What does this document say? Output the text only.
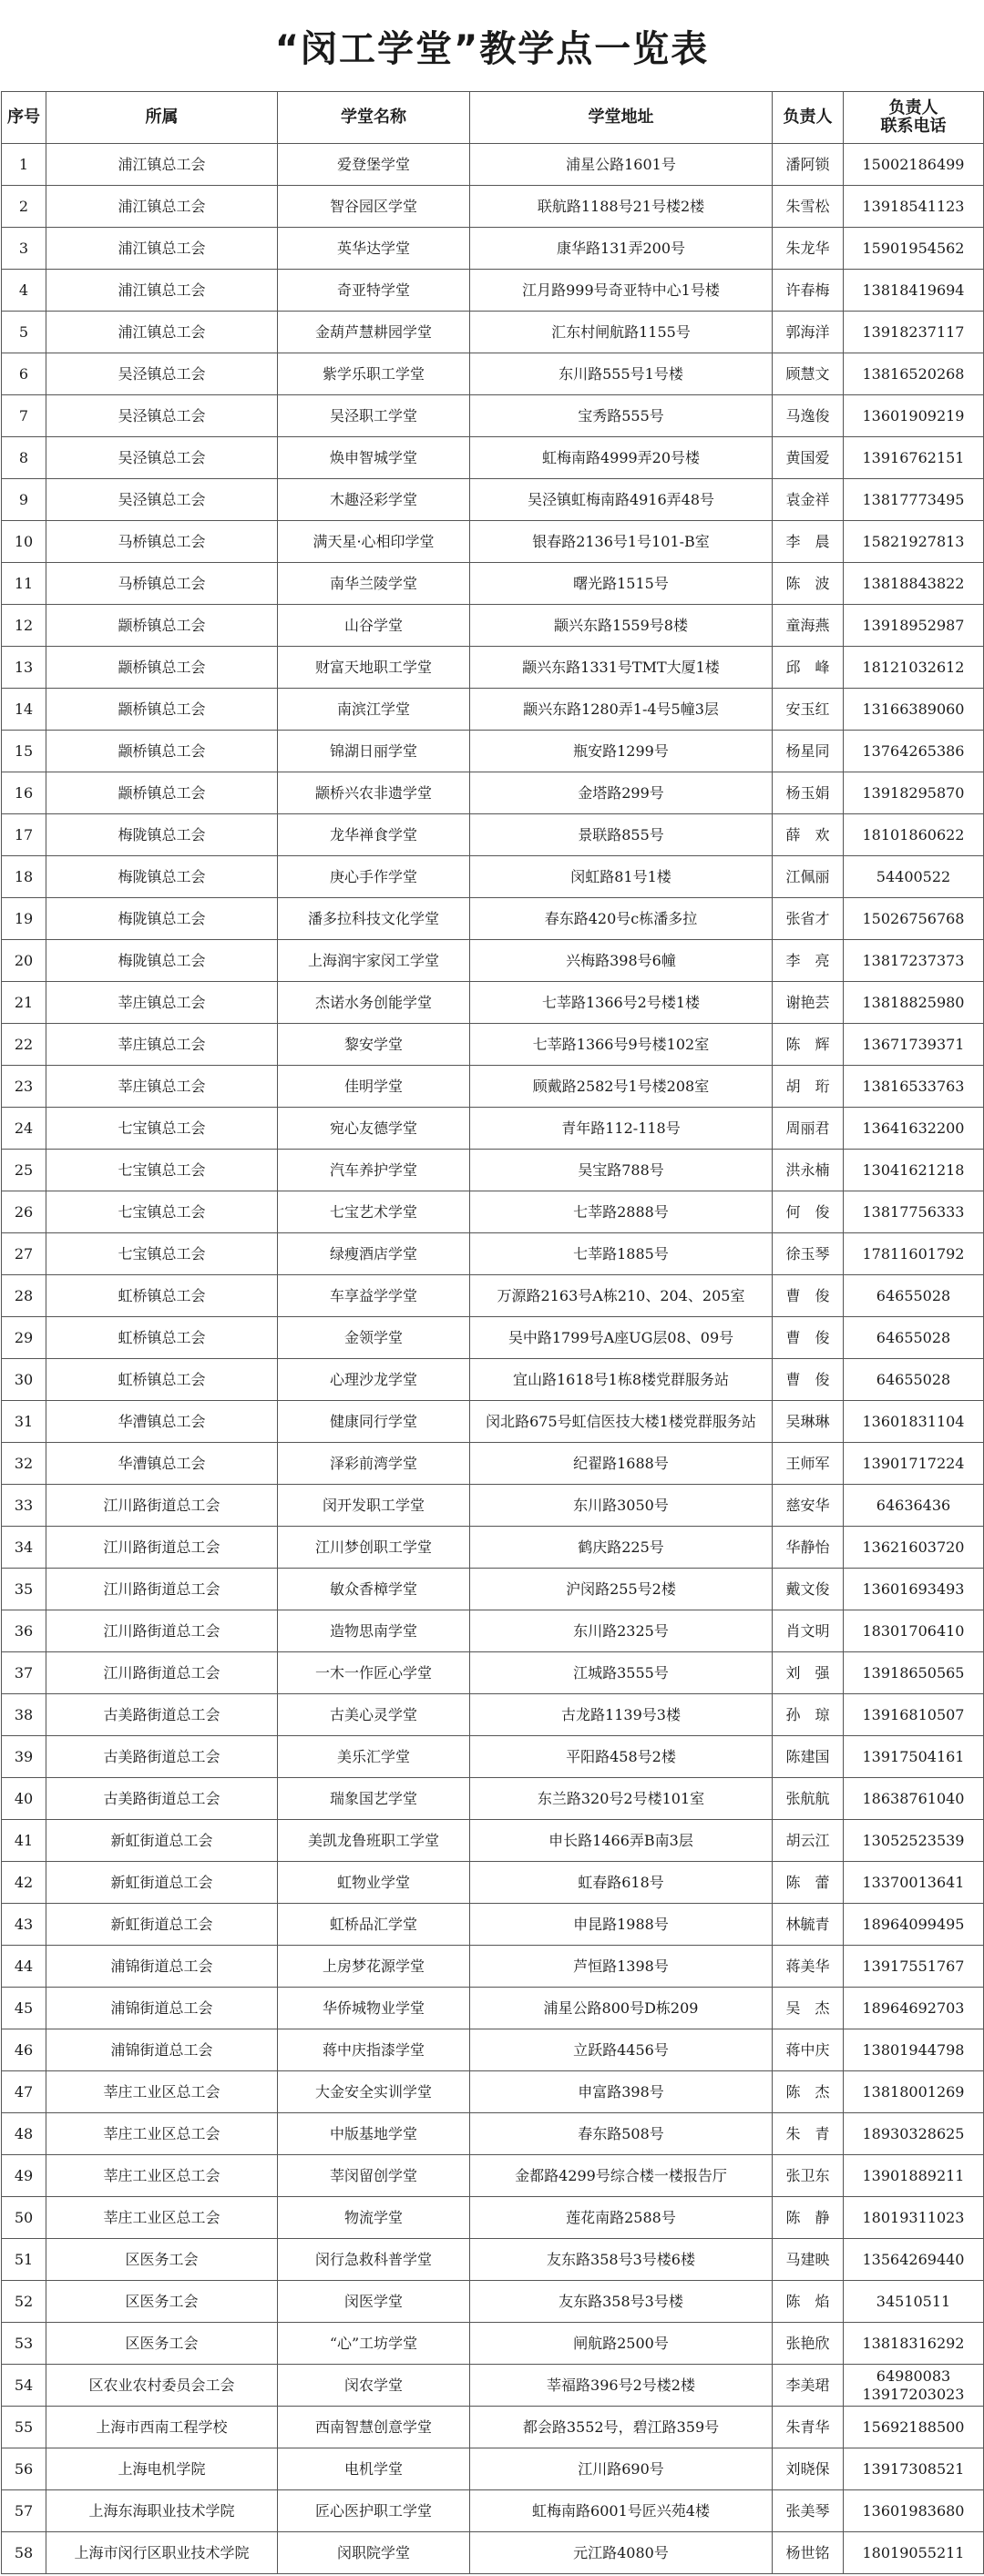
“闵工学堂”教学点一览表
序号	所属	学堂名称	学堂地址	负责人	负责人
联系电话
1	浦江镇总工会	爱登堡学堂	浦星公路1601号	潘阿锁	15002186499
2	浦江镇总工会	智谷园区学堂	联航路1188号21号楼2楼	朱雪松	13918541123
3	浦江镇总工会	英华达学堂	康华路131弄200号	朱龙华	15901954562
4	浦江镇总工会	奇亚特学堂	江月路999号奇亚特中心1号楼	许春梅	13818419694
5	浦江镇总工会	金葫芦慧耕园学堂	汇东村闸航路1155号	郭海洋	13918237117
6	吴泾镇总工会	紫学乐职工学堂	东川路555号1号楼	顾慧文	13816520268
7	吴泾镇总工会	吴泾职工学堂	宝秀路555号	马逸俊	13601909219
8	吴泾镇总工会	焕申智城学堂	虹梅南路4999弄20号楼	黄国爱	13916762151
9	吴泾镇总工会	木趣泾彩学堂	吴泾镇虹梅南路4916弄48号	袁金祥	13817773495
10	马桥镇总工会	满天星·心相印学堂	银春路2136号1号101-B室	李　晨	15821927813
11	马桥镇总工会	南华兰陵学堂	曙光路1515号	陈　波	13818843822
12	颛桥镇总工会	山谷学堂	颛兴东路1559号8楼	童海燕	13918952987
13	颛桥镇总工会	财富天地职工学堂	颛兴东路1331号TMT大厦1楼	邱　峰	18121032612
14	颛桥镇总工会	南滨江学堂	颛兴东路1280弄1-4号5幢3层	安玉红	13166389060
15	颛桥镇总工会	锦湖日丽学堂	瓶安路1299号	杨星同	13764265386
16	颛桥镇总工会	颛桥兴农非遗学堂	金塔路299号	杨玉娟	13918295870
17	梅陇镇总工会	龙华禅食学堂	景联路855号	薛　欢	18101860622
18	梅陇镇总工会	庚心手作学堂	闵虹路81号1楼	江佩丽	54400522
19	梅陇镇总工会	潘多拉科技文化学堂	春东路420号c栋潘多拉	张省才	15026756768
20	梅陇镇总工会	上海润宇家闵工学堂	兴梅路398号6幢	李　亮	13817237373
21	莘庄镇总工会	杰诺水务创能学堂	七莘路1366号2号楼1楼	谢艳芸	13818825980
22	莘庄镇总工会	黎安学堂	七莘路1366号9号楼102室	陈　辉	13671739371
23	莘庄镇总工会	佳明学堂	顾戴路2582号1号楼208室	胡　珩	13816533763
24	七宝镇总工会	宛心友德学堂	青年路112-118号	周丽君	13641632200
25	七宝镇总工会	汽车养护学堂	吴宝路788号	洪永楠	13041621218
26	七宝镇总工会	七宝艺术学堂	七莘路2888号	何　俊	13817756333
27	七宝镇总工会	绿瘦酒店学堂	七莘路1885号	徐玉琴	17811601792
28	虹桥镇总工会	车享益学学堂	万源路2163号A栋210、204、205室	曹　俊	64655028
29	虹桥镇总工会	金领学堂	吴中路1799号A座UG层08、09号	曹　俊	64655028
30	虹桥镇总工会	心理沙龙学堂	宜山路1618号1栋8楼党群服务站	曹　俊	64655028
31	华漕镇总工会	健康同行学堂	闵北路675号虹信医技大楼1楼党群服务站	吴琳琳	13601831104
32	华漕镇总工会	泽彩前湾学堂	纪翟路1688号	王师军	13901717224
33	江川路街道总工会	闵开发职工学堂	东川路3050号	慈安华	64636436
34	江川路街道总工会	江川梦创职工学堂	鹤庆路225号	华静怡	13621603720
35	江川路街道总工会	敏众香樟学堂	沪闵路255号2楼	戴文俊	13601693493
36	江川路街道总工会	造物思南学堂	东川路2325号	肖文明	18301706410
37	江川路街道总工会	一木一作匠心学堂	江城路3555号	刘　强	13918650565
38	古美路街道总工会	古美心灵学堂	古龙路1139号3楼	孙　琼	13916810507
39	古美路街道总工会	美乐汇学堂	平阳路458号2楼	陈建国	13917504161
40	古美路街道总工会	瑞象国艺学堂	东兰路320号2号楼101室	张航航	18638761040
41	新虹街道总工会	美凯龙鲁班职工学堂	申长路1466弄B南3层	胡云江	13052523539
42	新虹街道总工会	虹物业学堂	虹春路618号	陈　蕾	13370013641
43	新虹街道总工会	虹桥品汇学堂	申昆路1988号	林毓青	18964099495
44	浦锦街道总工会	上房梦花源学堂	芦恒路1398号	蒋美华	13917551767
45	浦锦街道总工会	华侨城物业学堂	浦星公路800号D栋209	吴　杰	18964692703
46	浦锦街道总工会	蒋中庆指漆学堂	立跃路4456号	蒋中庆	13801944798
47	莘庄工业区总工会	大金安全实训学堂	申富路398号	陈　杰	13818001269
48	莘庄工业区总工会	中版基地学堂	春东路508号	朱　青	18930328625
49	莘庄工业区总工会	莘闵留创学堂	金都路4299号综合楼一楼报告厅	张卫东	13901889211
50	莘庄工业区总工会	物流学堂	莲花南路2588号	陈　静	18019311023
51	区医务工会	闵行急救科普学堂	友东路358号3号楼6楼	马建映	13564269440
52	区医务工会	闵医学堂	友东路358号3号楼	陈　焰	34510511
53	区医务工会	“心”工坊学堂	闸航路2500号	张艳欣	13818316292
54	区农业农村委员会工会	闵农学堂	莘福路396号2号楼2楼	李美珺	64980083
13917203023
55	上海市西南工程学校	西南智慧创意学堂	都会路3552号，碧江路359号	朱青华	15692188500
56	上海电机学院	电机学堂	江川路690号	刘晓保	13917308521
57	上海东海职业技术学院	匠心医护职工学堂	虹梅南路6001号匠兴苑4楼	张美琴	13601983680
58	上海市闵行区职业技术学院	闵职院学堂	元江路4080号	杨世铭	18019055211
